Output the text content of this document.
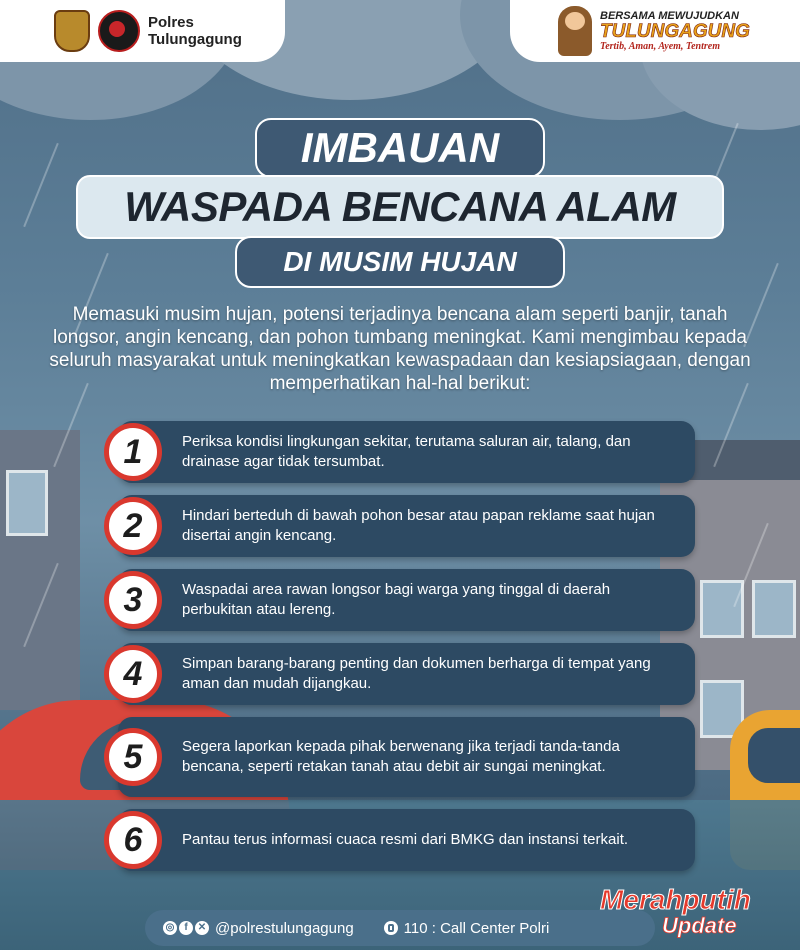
Polres
Tulungagung
BERSAMA MEWUJUDKAN
TULUNGAGUNG
Tertib, Aman, Ayem, Tentrem
IMBAUAN
WASPADA BENCANA ALAM
DI MUSIM HUJAN
Memasuki musim hujan, potensi terjadinya bencana alam seperti banjir, tanah longsor, angin kencang, dan pohon tumbang meningkat. Kami mengimbau kepada seluruh masyarakat untuk meningkatkan kewaspadaan dan kesiapsiagaan, dengan memperhatikan hal-hal berikut:
1	Periksa kondisi lingkungan sekitar, terutama saluran air, talang, dan drainase agar tidak tersumbat.
2	Hindari berteduh di bawah pohon besar atau papan reklame saat hujan disertai angin kencang.
3	Waspadai area rawan longsor bagi warga yang tinggal di daerah perbukitan atau lereng.
4	Simpan barang-barang penting dan dokumen berharga di tempat yang aman dan mudah dijangkau.
5	Segera laporkan kepada pihak berwenang jika terjadi tanda-tanda bencana, seperti retakan tanah atau debit air sungai meningkat.
6	Pantau terus informasi cuaca resmi dari BMKG dan instansi terkait.
◎ f	✕ @polrestulungagung	110 : Call Center Polri
Merahputih
Update
